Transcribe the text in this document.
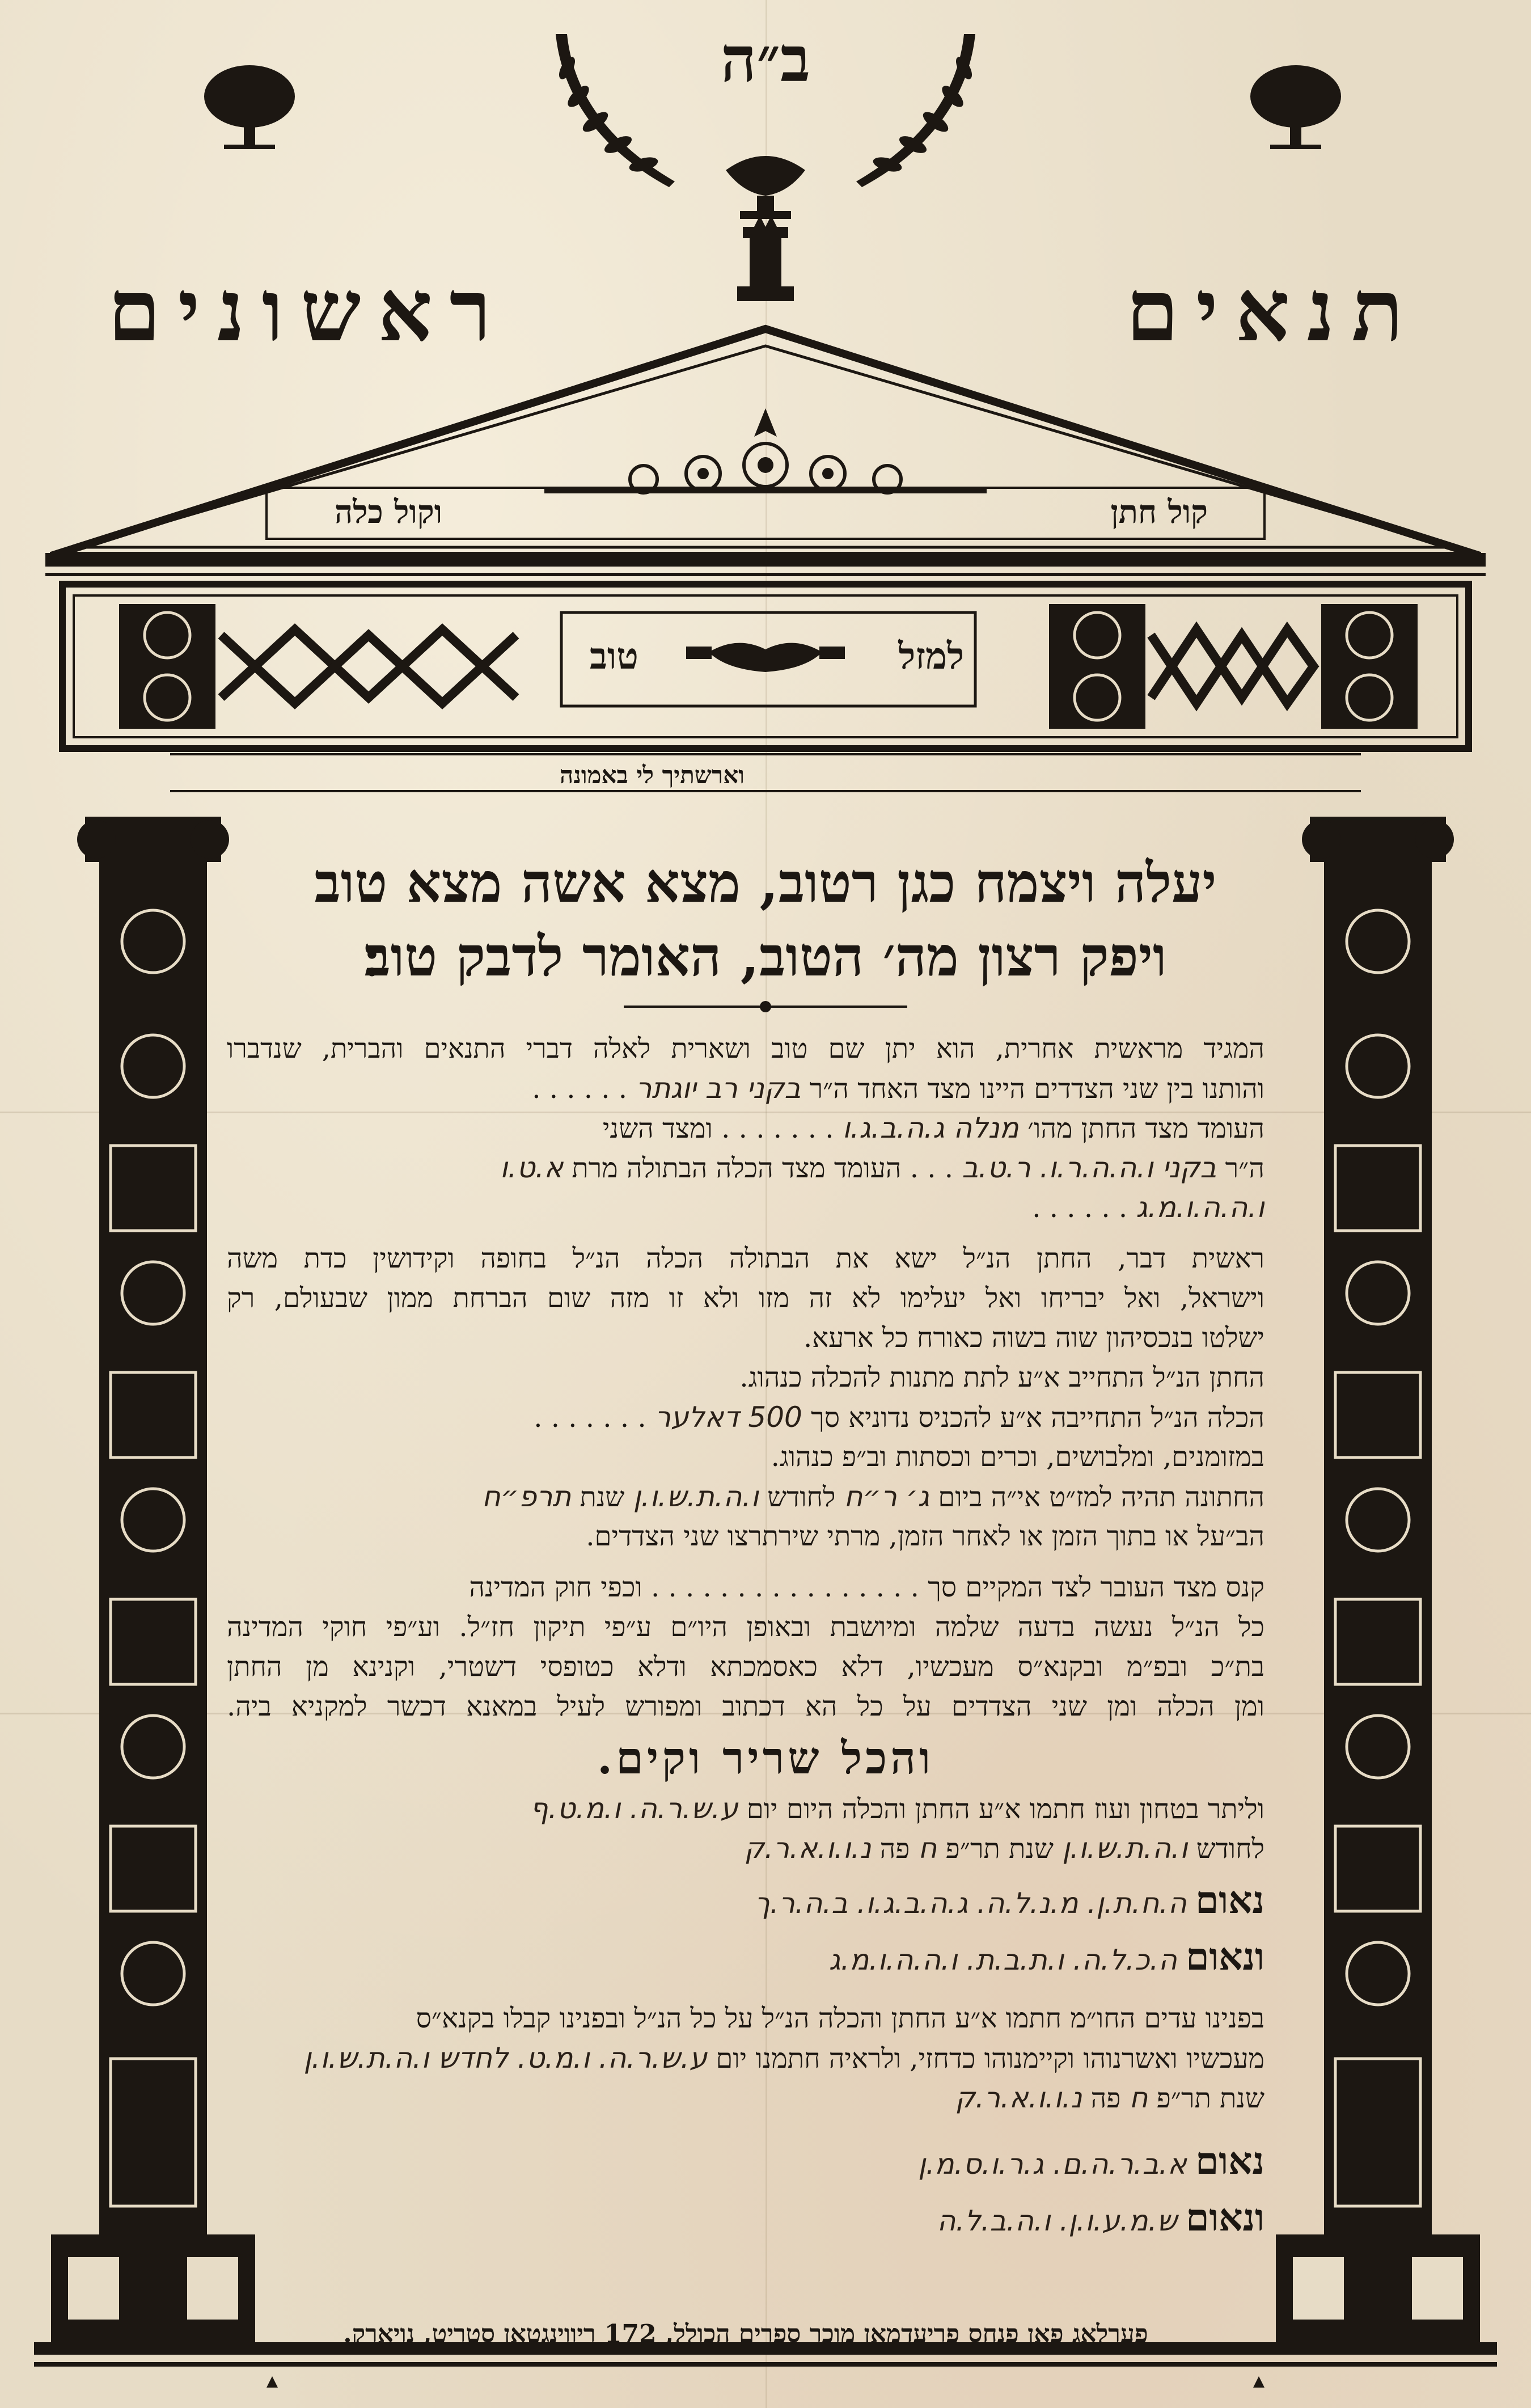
ב״ה
תנאים
ראשונים
קול חתן
וקול כלה
למזל
טוב
וארשתיך לי באמונה
יעלה ויצמח כגן רטוב, מצא אשה מצא טוב
ויפק רצון מה׳ הטוב, האומר לדבק טוב׃
המגיד מראשית אחרית, הוא יתן שם טוב ושארית לאלה דברי התנאים והברית, שנדברו
והותנו בין שני הצדדים היינו מצד האחד ה״ר בקני רב יוגתר . . . . . .
העומד מצד החתן מהו׳ מנלה ג.ה.ב.ג.ו . . . . . . . ומצד השני
ה״ר בקני ו.ה.ה.ר.ו. ר.ט.ב . . . העומד מצד הכלה הבתולה מרת א.ט.ו
ו.ה.ה.ו.מ.ג . . . . . .
ראשית דבר, החתן הנ״ל ישא את הבתולה הכלה הנ״ל בחופה וקידושין כדת משה
וישראל, ואל יבריחו ואל יעלימו לא זה מזו ולא זו מזה שום הברחת ממון שבעולם, רק
ישלטו בנכסיהון שוה בשוה כאורח כל ארעא.
החתן הנ״ל התחייב א״ע לתת מתנות להכלה כנהוג.
הכלה הנ״ל התחייבה א״ע להכניס נדוניא סך 500 דאלער . . . . . . .
במזומנים, ומלבושים, וכרים וכסתות וב״פ כנהוג.
החתונה תהיה למז״ט אי״ה ביום ג׳ ר״ח לחודש ו.ה.ת.ש.ו.ן שנת תרפ״ח
הב״על או בתוך הזמן או לאחר הזמן, מרתי שירתרצו שני הצדדים.
קנס מצד העובר לצד המקיים סך . . . . . . . . . . . . . . . . וכפי חוק המדינה
כל הנ״ל נעשה בדעה שלמה ומיושבת ובאופן היו״ם ע״פי תיקון חז״ל. וע״פי חוקי המדינה
בת״כ ובפ״מ ובקנא״ס מעכשיו, דלא כאסמכתא ודלא כטופסי דשטרי, וקנינא מן החתן
ומן הכלה ומן שני הצדדים על כל הא דכתוב ומפורש לעיל במאנא דכשר למקניא ביה.
והכל שריר וקים.
וליתר בטחון ועוז חתמו א״ע החתן והכלה היום יום ע.ש.ר.ה. ו.מ.ט.ף
לחודש ו.ה.ת.ש.ו.ן שנת תר״פ ח פה נ.ו.ו.א.ר.ק
נאום ה.ח.ת.ן. מ.נ.ל.ה. ג.ה.ב.ג.ו. ב.ה.ר.ך
ונאום ה.כ.ל.ה. ו.ת.ב.ת. ו.ה.ה.ו.מ.ג
בפנינו עדים החו״מ חתמו א״ע החתן והכלה הנ״ל על כל הנ״ל ובפנינו קבלו בקנא״ס
מעכשיו ואשרנוהו וקיימנוהו כדחזי, ולראיה חתמנו יום ע.ש.ר.ה. ו.מ.ט. לחדש ו.ה.ת.ש.ו.ן
שנת תר״פ ח פה נ.ו.ו.א.ר.ק
נאום א.ב.ר.ה.ם. ג.ר.ו.ס.מ.ן
ונאום ש.מ.ע.ו.ן. ו.ה.ב.ל.ה
פערלאג פאן פנחס פריעדמאן מוכר ספרים הכולל, 172 ריווינגטאן סטריט, נויארק.
